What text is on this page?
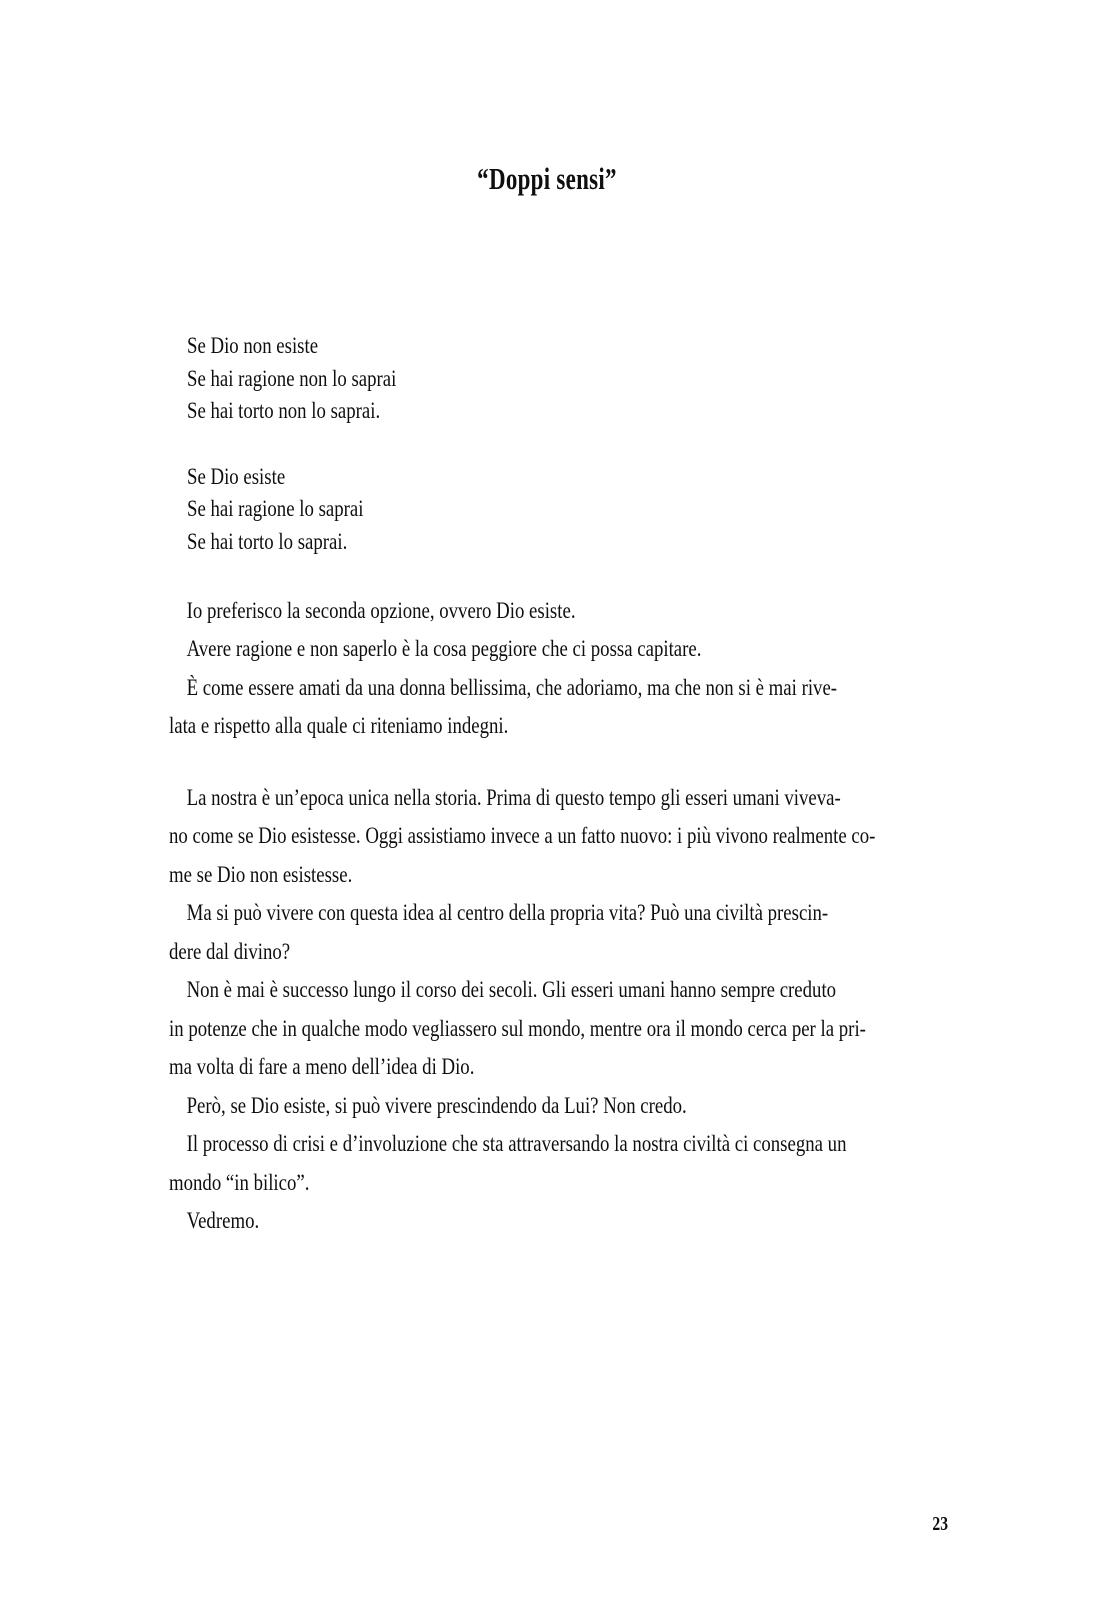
“Doppi sensi”
Se Dio non esiste
Se hai ragione non lo saprai
Se hai torto non lo saprai.
Se Dio esiste
Se hai ragione lo saprai
Se hai torto lo saprai.
Io preferisco la seconda opzione, ovvero Dio esiste.
Avere ragione e non saperlo è la cosa peggiore che ci possa capitare.
È come essere amati da una donna bellissima, che adoriamo, ma che non si è mai rive-
lata e rispetto alla quale ci riteniamo indegni.
La nostra è un’epoca unica nella storia. Prima di questo tempo gli esseri umani viveva-
no come se Dio esistesse. Oggi assistiamo invece a un fatto nuovo: i più vivono realmente co-
me se Dio non esistesse.
Ma si può vivere con questa idea al centro della propria vita? Può una civiltà prescin-
dere dal divino?
Non è mai è successo lungo il corso dei secoli. Gli esseri umani hanno sempre creduto
in potenze che in qualche modo vegliassero sul mondo, mentre ora il mondo cerca per la pri-
ma volta di fare a meno dell’idea di Dio.
Però, se Dio esiste, si può vivere prescindendo da Lui? Non credo.
Il processo di crisi e d’involuzione che sta attraversando la nostra civiltà ci consegna un
mondo “in bilico”.
Vedremo.
23
